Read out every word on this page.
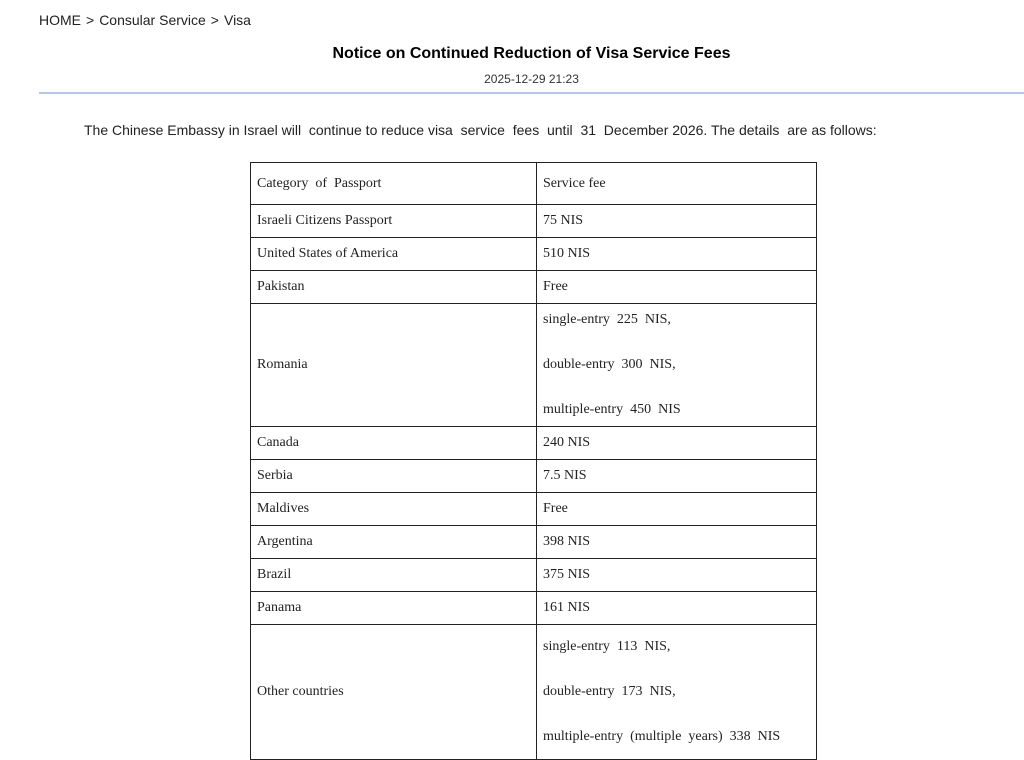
HOME > Consular Service > Visa
Notice on Continued Reduction of Visa Service Fees
2025-12-29 21:23
The Chinese Embassy in Israel will  continue to reduce visa  service  fees  until  31  December 2026. The details  are as follows:
Category  of  Passport	Service fee
Israeli Citizens Passport	75 NIS
United States of America	510 NIS
Pakistan	Free
Romania	single-entry  225  NIS,
double-entry  300  NIS,
multiple-entry  450  NIS

Canada	240 NIS
Serbia	7.5 NIS
Maldives	Free
Argentina	398 NIS
Brazil	375 NIS
Panama	161 NIS
Other countries	single-entry  113  NIS,
double-entry  173  NIS,
multiple-entry  (multiple  years)  338  NIS
